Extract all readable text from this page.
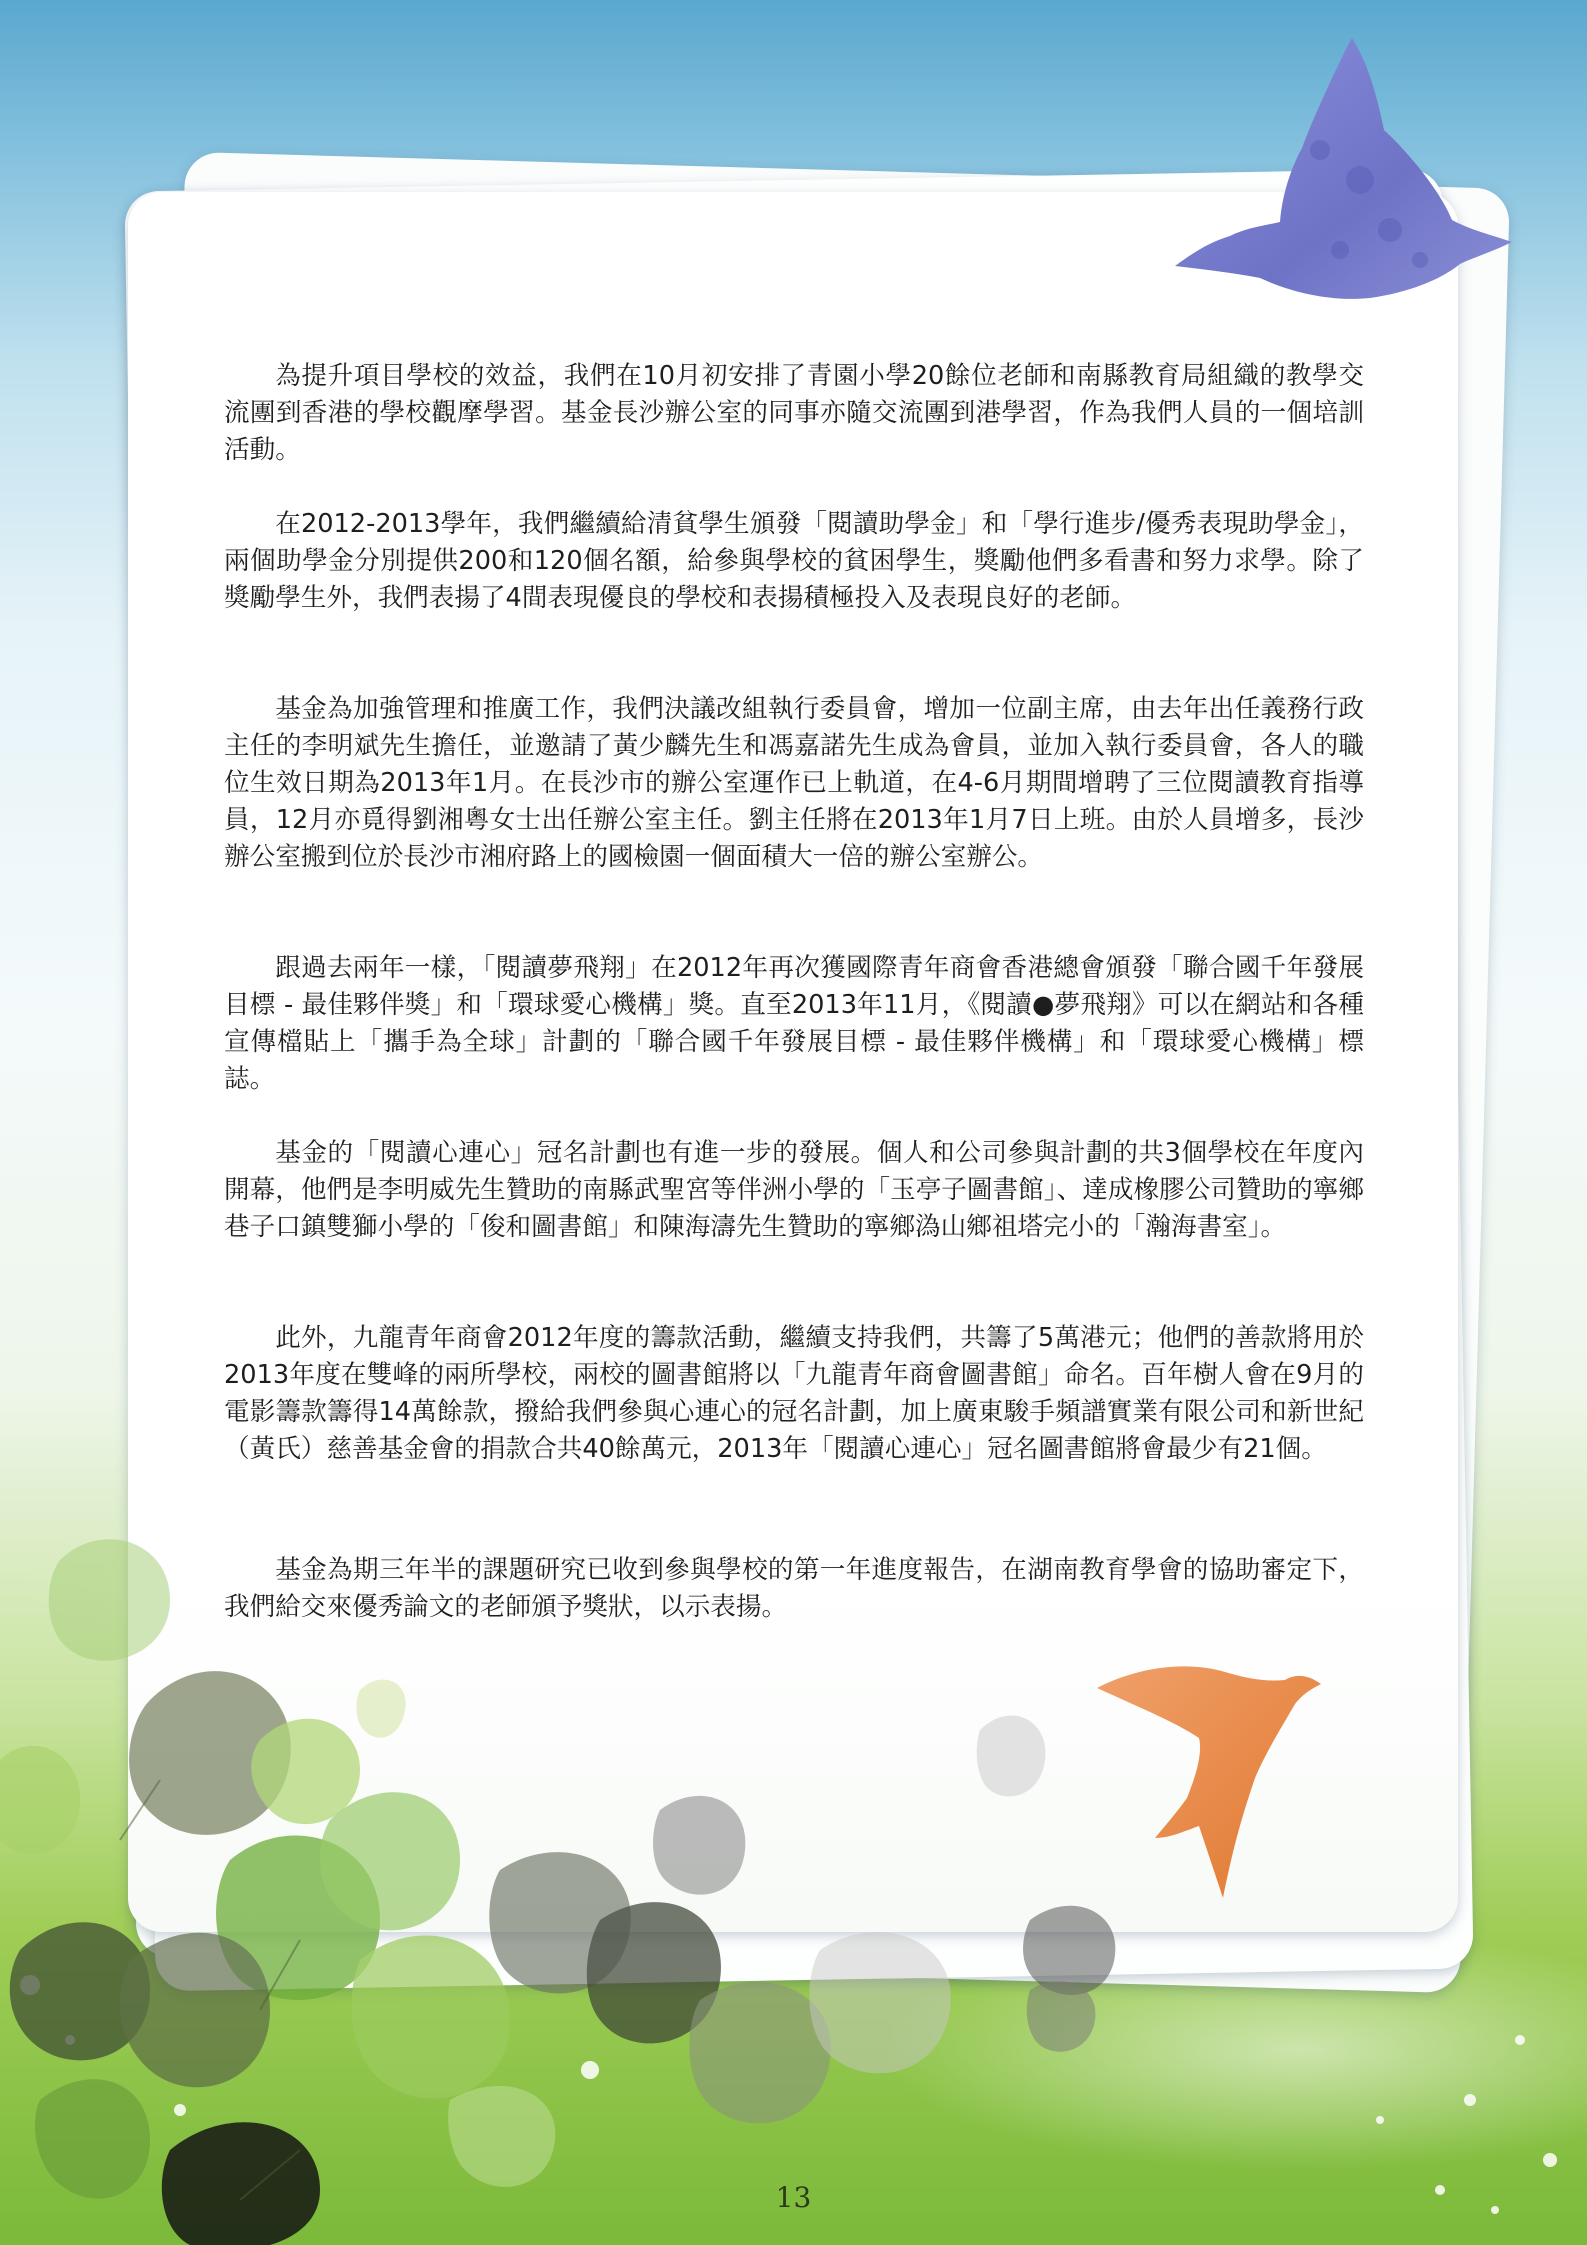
為提升項目學校的效益，我們在10月初安排了青園小學20餘位老師和南縣教育局組織的教學交流團到香港的學校觀摩學習。基金長沙辦公室的同事亦隨交流團到港學習，作為我們人員的一個培訓活動。

在2012-2013學年，我們繼續給清貧學生頒發「閱讀助學金」和「學行進步/優秀表現助學金」，兩個助學金分別提供200和120個名額，給參與學校的貧困學生，獎勵他們多看書和努力求學。除了獎勵學生外，我們表揚了4間表現優良的學校和表揚積極投入及表現良好的老師。

基金為加強管理和推廣工作，我們決議改組執行委員會，增加一位副主席，由去年出任義務行政主任的李明斌先生擔任，並邀請了黃少麟先生和馮嘉諾先生成為會員，並加入執行委員會，各人的職位生效日期為2013年1月。在長沙市的辦公室運作已上軌道，在4-6月期間增聘了三位閱讀教育指導員，12月亦覓得劉湘粵女士出任辦公室主任。劉主任將在2013年1月7日上班。由於人員增多，長沙辦公室搬到位於長沙市湘府路上的國檢園一個面積大一倍的辦公室辦公。

跟過去兩年一樣，「閱讀夢飛翔」在2012年再次獲國際青年商會香港總會頒發「聯合國千年發展目標 - 最佳夥伴獎」和「環球愛心機構」獎。直至2013年11月，《閱讀●夢飛翔》可以在網站和各種宣傳檔貼上「攜手為全球」計劃的「聯合國千年發展目標 - 最佳夥伴機構」和「環球愛心機構」標誌。

基金的「閱讀心連心」冠名計劃也有進一步的發展。個人和公司參與計劃的共3個學校在年度內開幕，他們是李明威先生贊助的南縣武聖宮等伴洲小學的「玉亭子圖書館」、達成橡膠公司贊助的寧鄉巷子口鎮雙獅小學的「俊和圖書館」和陳海濤先生贊助的寧鄉溈山鄉祖塔完小的「瀚海書室」。

此外，九龍青年商會2012年度的籌款活動，繼續支持我們，共籌了5萬港元；他們的善款將用於2013年度在雙峰的兩所學校，兩校的圖書館將以「九龍青年商會圖書館」命名。百年樹人會在9月的電影籌款籌得14萬餘款，撥給我們參與心連心的冠名計劃，加上廣東駿手頻譜實業有限公司和新世紀（黃氏）慈善基金會的捐款合共40餘萬元，2013年「閱讀心連心」冠名圖書館將會最少有21個。

基金為期三年半的課題研究已收到參與學校的第一年進度報告，在湖南教育學會的協助審定下，我們給交來優秀論文的老師頒予獎狀，以示表揚。

13
